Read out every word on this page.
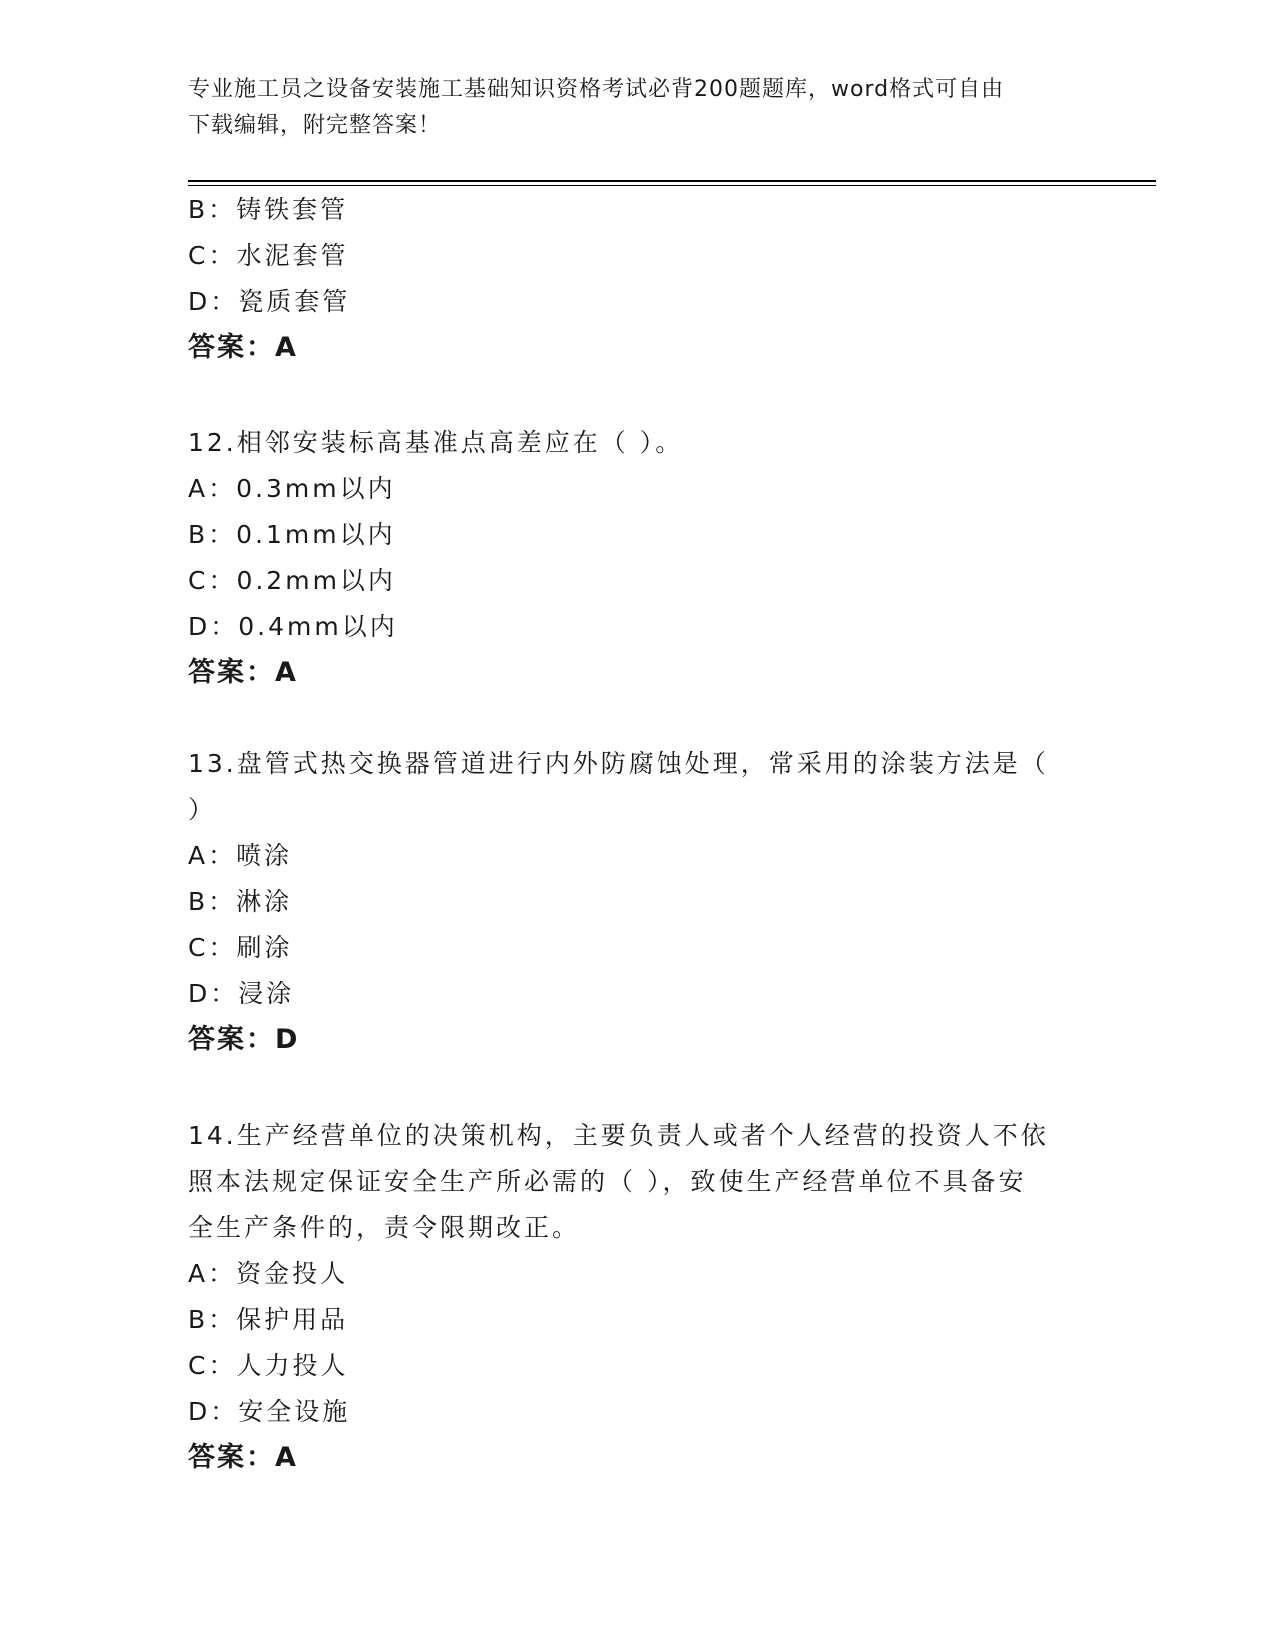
专业施工员之设备安装施工基础知识资格考试必背200题题库，word格式可自由
下载编辑，附完整答案！
B：铸铁套管
C：水泥套管
D：瓷质套管
答案：A
12.相邻安装标高基准点高差应在（ ）。
A：0.3mm以内
B：0.1mm以内
C：0.2mm以内
D：0.4mm以内
答案：A
13.盘管式热交换器管道进行内外防腐蚀处理，常采用的涂装方法是（
）
A：喷涂
B：淋涂
C：刷涂
D：浸涂
答案：D
14.生产经营单位的决策机构，主要负责人或者个人经营的投资人不依
照本法规定保证安全生产所必需的（ ），致使生产经营单位不具备安
全生产条件的，责令限期改正。
A：资金投人
B：保护用品
C：人力投人
D：安全设施
答案：A
